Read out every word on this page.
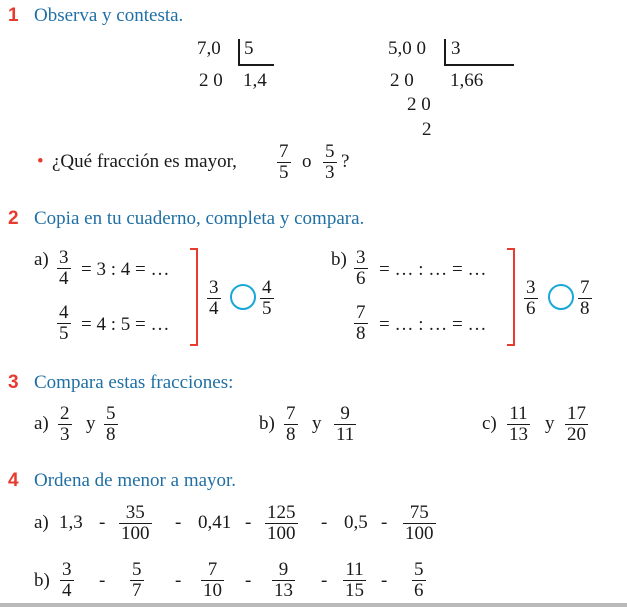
1 Observa y contesta.
7,0 5
2 0 1,4
5,0 0 3
2 0
2 0
2
1,66
• ¿Qué fracción es mayor, $\frac{7}{5}$ o $\frac{5}{3}$ ?
2 Copia en tu cuaderno, completa y compara.
$a) \frac{3}{4} = 3$ : 4 = …
$\frac{4}{5} = 4$ : 5 = …
$\frac{3}{4} \frac{4}{5}$
$b) \frac{3}{6}$ = … : … = …
$\frac{7}{8}$ = … : … = …
$\frac{3}{6} \frac{7}{8}$
3 Compara estas fracciones:
$a) \frac{2}{3}$ y $\frac{5}{8}$	$b) \frac{7}{8}$ y $\frac{9}{11}$	$c) \frac{11}{13}$ y $\frac{17}{20}$
4 Ordena de menor a mayor.
a) $1,3 - \frac{35}{100} - 0,41 - \frac{125}{100} - 0,5 - \frac{75}{100}$
$b) \frac{3}{4} - \frac{5}{7} - \frac{7}{10} - \frac{9}{13} - \frac{11}{15} - \frac{5}{6}$
